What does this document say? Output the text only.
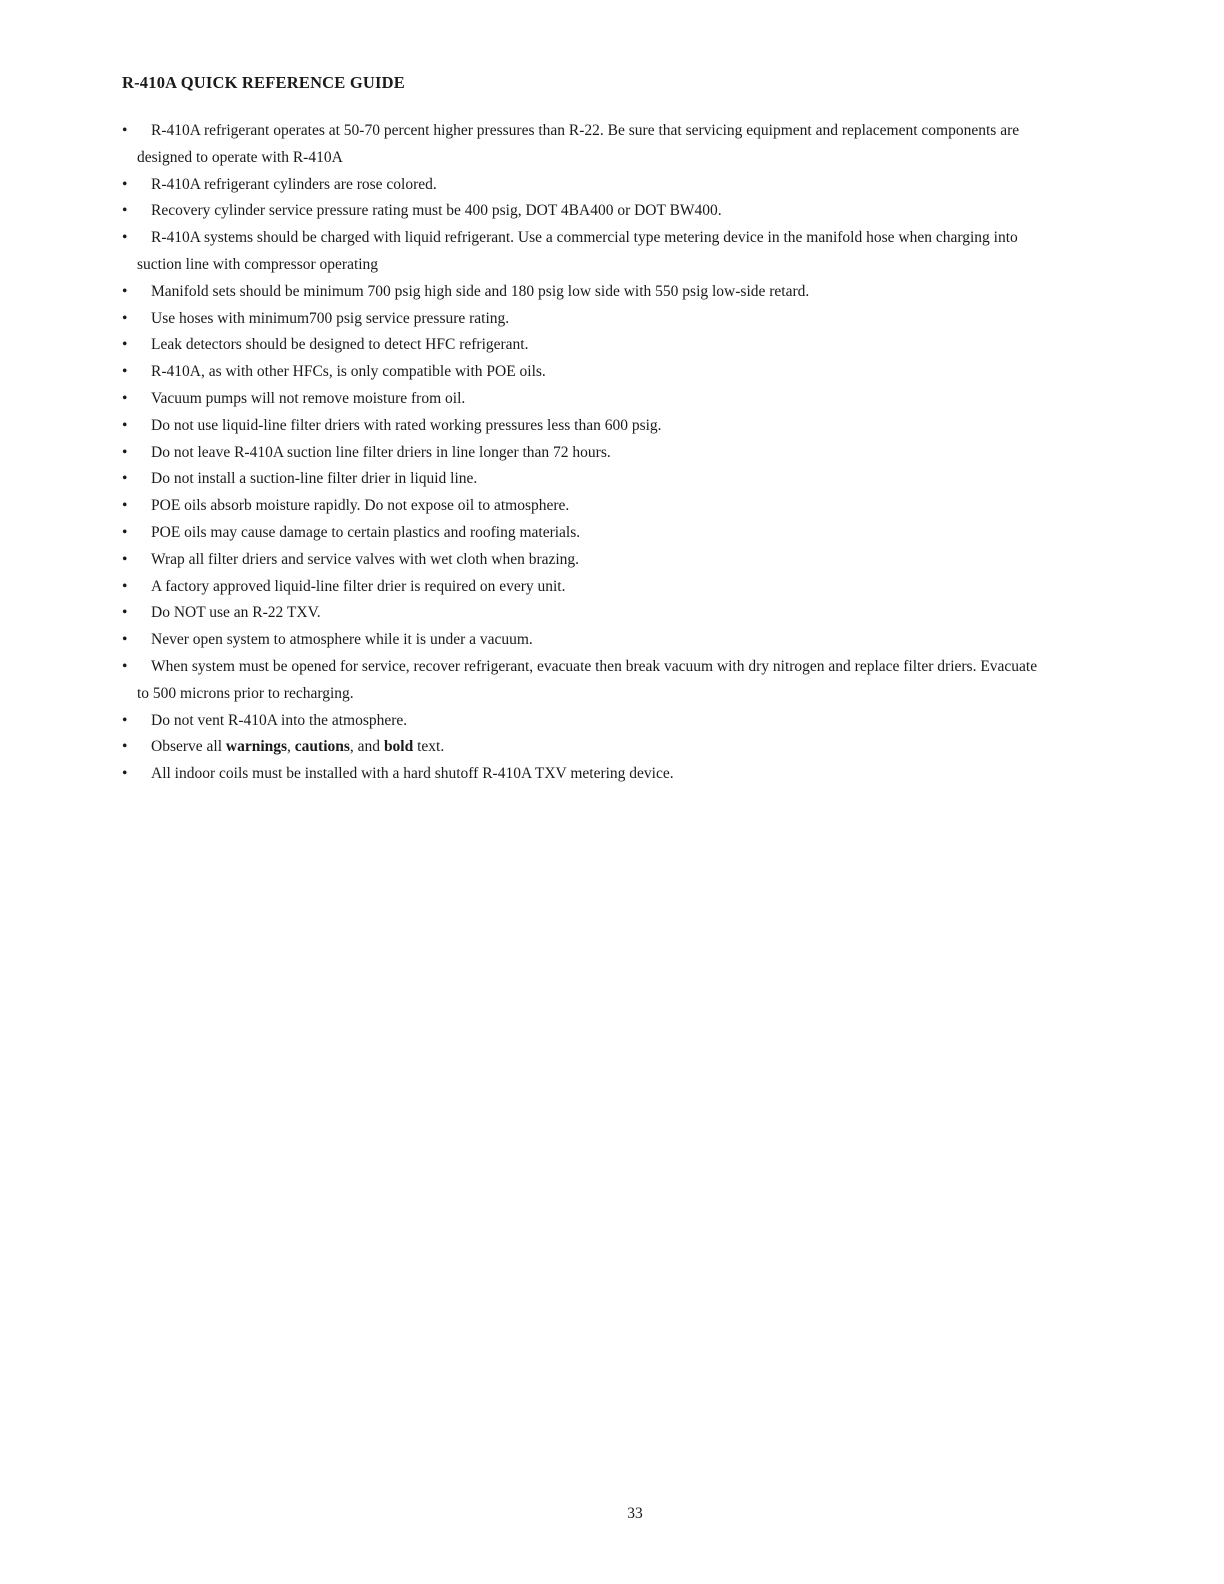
R-410A QUICK REFERENCE GUIDE
• R-410A refrigerant operates at 50-70 percent higher pressures than R-22. Be sure that servicing equipment and replacement components are designed to operate with R-410A
• R-410A refrigerant cylinders are rose colored.
• Recovery cylinder service pressure rating must be 400 psig, DOT 4BA400 or DOT BW400.
• R-410A systems should be charged with liquid refrigerant. Use a commercial type metering device in the manifold hose when charging into suction line with compressor operating
• Manifold sets should be minimum 700 psig high side and 180 psig low side with 550 psig low-side retard.
• Use hoses with minimum700 psig service pressure rating.
• Leak detectors should be designed to detect HFC refrigerant.
• R-410A, as with other HFCs, is only compatible with POE oils.
• Vacuum pumps will not remove moisture from oil.
• Do not use liquid-line filter driers with rated working pressures less than 600 psig.
• Do not leave R-410A suction line filter driers in line longer than 72 hours.
• Do not install a suction-line filter drier in liquid line.
• POE oils absorb moisture rapidly. Do not expose oil to atmosphere.
• POE oils may cause damage to certain plastics and roofing materials.
• Wrap all filter driers and service valves with wet cloth when brazing.
• A factory approved liquid-line filter drier is required on every unit.
• Do NOT use an R-22 TXV.
• Never open system to atmosphere while it is under a vacuum.
• When system must be opened for service, recover refrigerant, evacuate then break vacuum with dry nitrogen and replace filter driers. Evacuate to 500 microns prior to recharging.
• Do not vent R-410A into the atmosphere.
• Observe all warnings, cautions, and bold text.
• All indoor coils must be installed with a hard shutoff R-410A TXV metering device.
33
